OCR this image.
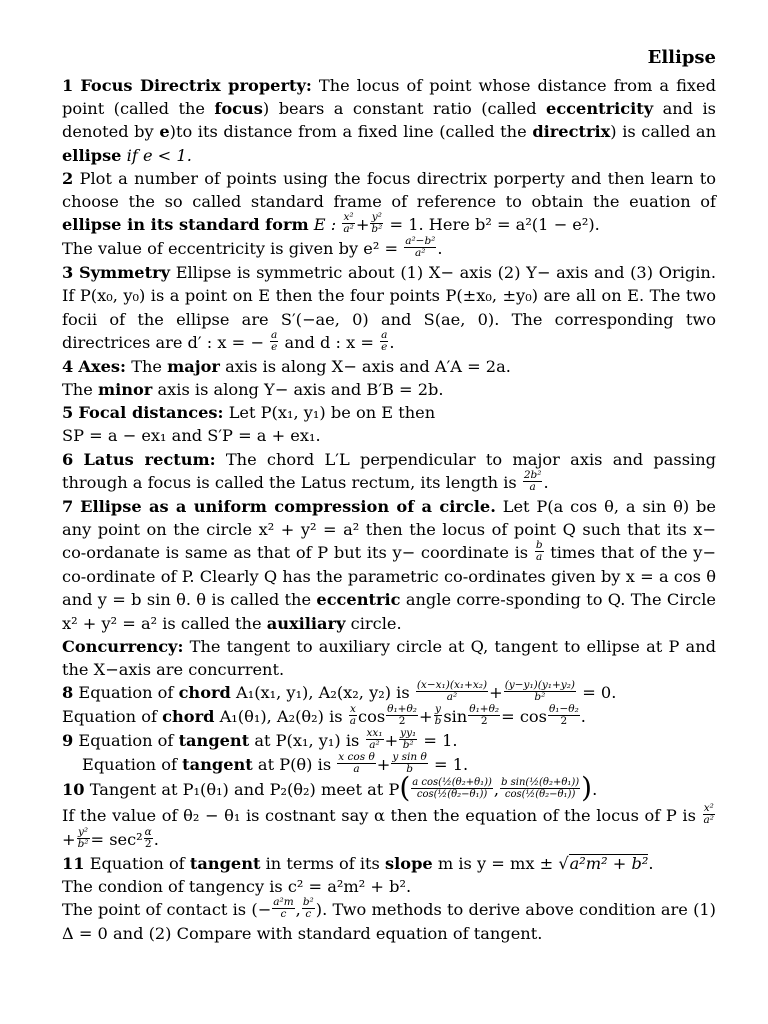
Ellipse

1 Focus Directrix property: The locus of point whose distance from a fixed point (called the focus) bears a constant ratio (called eccentricity and is denoted by e)to its distance from a fixed line (called the directrix) is called an ellipse if e < 1.

2 Plot a number of points using the focus directrix porperty and then learn to choose the so called standard frame of reference to obtain the euation of ellipse in its standard form E : $\frac{\text{x²}}{\text{a²}} + \frac{\text{y²}}{\text{b²}} = 1$. Here b² = a²(1 − e²).
The value of eccentricity is given by $e^2 = \frac{\text{a²−b²}}{\text{a²}}$ .

3 Symmetry Ellipse is symmetric about (1) X− axis (2) Y− axis and (3) Origin. If P(x₀, y₀) is a point on E then the four points P(±x₀, ±y₀) are all on E. The two focii of the ellipse are S′(−ae, 0) and S(ae, 0). The corresponding two directrices are d′ : x = − $\frac{a}{e}$ and d : $x = \frac{a}{e}$ .

4 Axes: The major axis is along X− axis and A′A = 2a.
The minor axis is along Y− axis and B′B = 2b.

5 Focal distances: Let P(x₁, y₁) be on E then
SP = a − ex₁ and S′P = a + ex₁.

6 Latus rectum: The chord L′L perpendicular to major axis and passing through a focus is called the Latus rectum, its length is $\frac{\text{2b²}}{a}$ .

7 Ellipse as a uniform compression of a circle. Let P(a cos θ, a sin θ) be any point on the circle x² + y² = a² then the locus of point Q such that its x− co-ordanate is same as that of P but its y− coordinate is $\frac{b}{a}$ times that of the y− co-ordinate of P. Clearly Q has the parametric co-ordinates given by x = a cos θ and y = b sin θ. θ is called the eccentric angle corre-sponding to Q. The Circle x² + y² = a² is called the auxiliary circle.

Concurrency: The tangent to auxiliary circle at Q, tangent to ellipse at P and the X−axis are concurrent.

8 Equation of chord A₁(x₁, y₁), A₂(x₂, y₂) is $\frac{\text{(x−x₁)(x₁+x₂)}}{\text{a²}} + \frac{\text{(y−y₁)(y₁+y₂)}}{\text{b²}} = 0$.
Equation of chord A₁(θ₁), A₂(θ₂) is $\frac{x}{a}$ $\cos \frac{\text{θ₁+θ₂}}{2} + \frac{y}{b}$ $\sin \frac{\text{θ₁+θ₂}}{2} = \cos \frac{\text{θ₁−θ₂}}{2}$ .

9 Equation of tangent at P(x₁, y₁) is $\frac{\text{xx₁}}{\text{a²}} + \frac{\text{yy₁}}{\text{b²}} = 1$.

Equation of tangent at P(θ) is $\frac{\text{x cos θ}}{a} + \frac{\text{y sin θ}}{b} = 1$.

10 Tangent at P₁(θ₁) and P₂(θ₂) meet at $P( \frac{\text{a cos(½(θ₂+θ₁))}}{\text{cos(½(θ₂−θ₁))}}$ , $\frac{\text{b sin(½(θ₂+θ₁))}}{\text{cos(½(θ₂−θ₁))}}$ ).

If the value of θ₂ − θ₁ is costnant say α then the equation of the locus of P is $\frac{\text{x²}}{\text{a²}}$
+ $\frac{\text{y²}}{\text{b²}} = \sec^2 \frac{\alpha}{2}$ .

11 Equation of tangent in terms of its slope m is y = mx ± √a²m² + b².
The condion of tangency is c² = a²m² + b².
The point of contact is (− $\frac{\text{a²m}}{c}$ , $\frac{\text{b²}}{c}$ ). Two methods to derive above condition are (1) Δ = 0 and (2) Compare with standard equation of tangent.
